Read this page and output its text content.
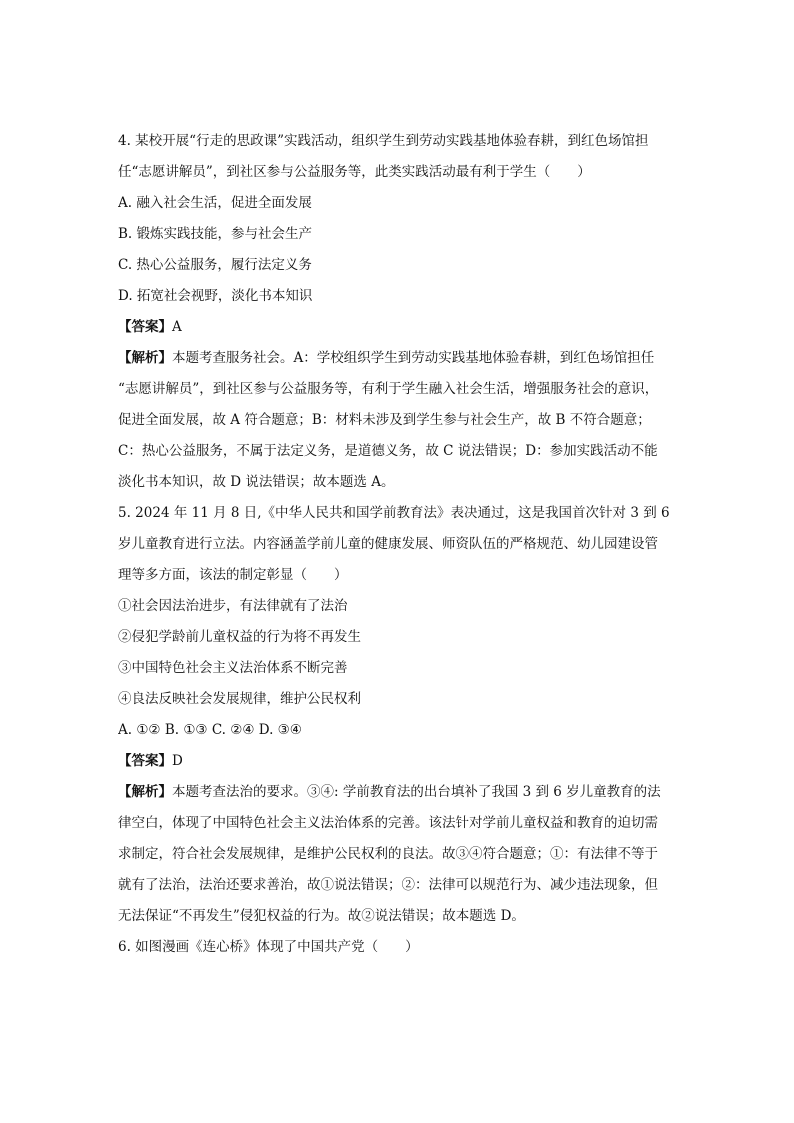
4. 某校开展“行走的思政课”实践活动，组织学生到劳动实践基地体验春耕，到红色场馆担
任“志愿讲解员”，到社区参与公益服务等，此类实践活动最有利于学生（　　）
A. 融入社会生活，促进全面发展
B. 锻炼实践技能，参与社会生产
C. 热心公益服务，履行法定义务
D. 拓宽社会视野，淡化书本知识
【答案】A
【解析】本题考查服务社会。A：学校组织学生到劳动实践基地体验春耕，到红色场馆担任
“志愿讲解员”，到社区参与公益服务等，有利于学生融入社会生活，增强服务社会的意识，
促进全面发展，故 A 符合题意；B：材料未涉及到学生参与社会生产，故 B 不符合题意；
C：热心公益服务，不属于法定义务，是道德义务，故 C 说法错误；D：参加实践活动不能
淡化书本知识，故 D 说法错误；故本题选 A。
5. 2024 年 11 月 8 日,《中华人民共和国学前教育法》表决通过，这是我国首次针对 3 到 6
岁儿童教育进行立法。内容涵盖学前儿童的健康发展、师资队伍的严格规范、幼儿园建设管
理等多方面，该法的制定彰显（　　）
①社会因法治进步，有法律就有了法治
②侵犯学龄前儿童权益的行为将不再发生
③中国特色社会主义法治体系不断完善
④良法反映社会发展规律，维护公民权利
A. ①② B. ①③ C. ②④ D. ③④
【答案】D
【解析】本题考查法治的要求。③④: 学前教育法的出台填补了我国 3 到 6 岁儿童教育的法
律空白，体现了中国特色社会主义法治体系的完善。该法针对学前儿童权益和教育的迫切需
求制定，符合社会发展规律，是维护公民权利的良法。故③④符合题意；①：有法律不等于
就有了法治，法治还要求善治，故①说法错误；②：法律可以规范行为、减少违法现象，但
无法保证“不再发生”侵犯权益的行为。故②说法错误；故本题选 D。
6. 如图漫画《连心桥》体现了中国共产党（　　）
